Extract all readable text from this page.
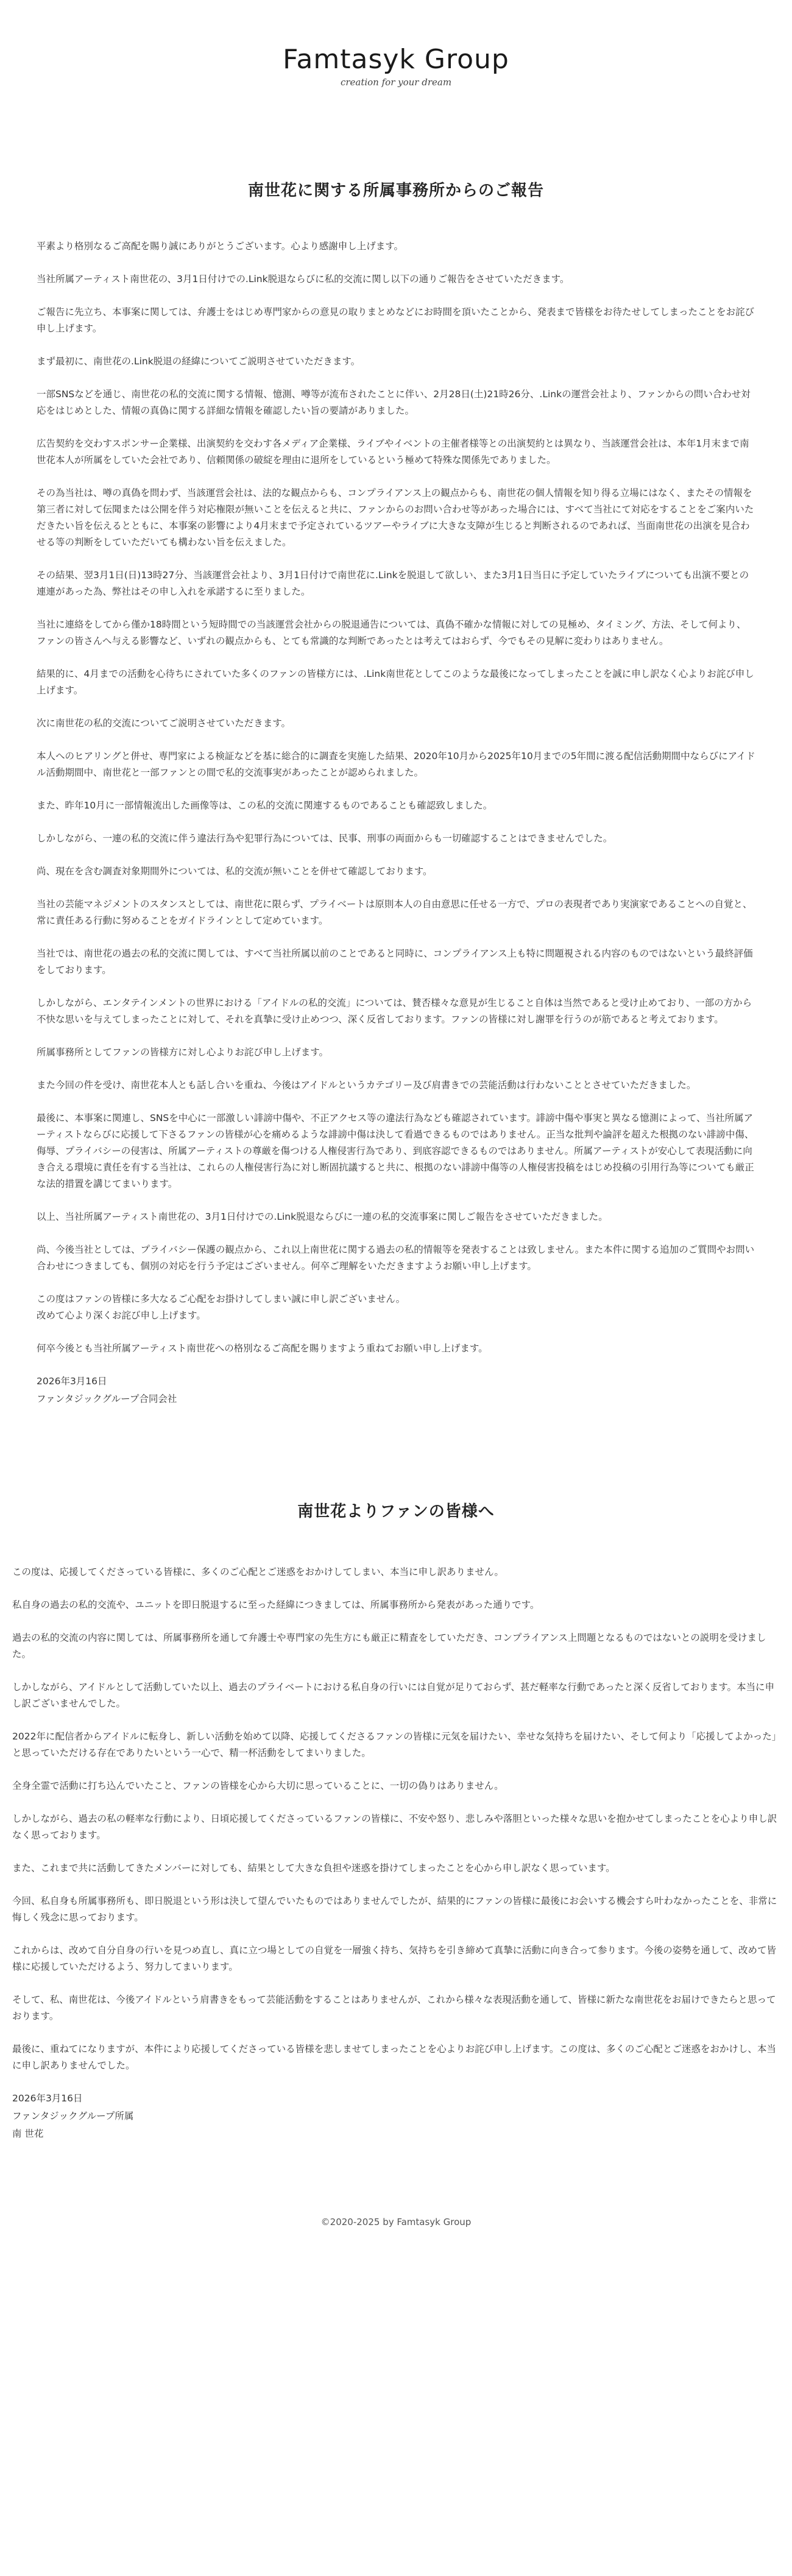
Famtasyk Group
creation for your dream
南世花に関する所属事務所からのご報告

平素より格別なるご高配を賜り誠にありがとうございます。心より感謝申し上げます。

当社所属アーティスト南世花の、3月1日付けでの.Link脱退ならびに私的交流に関し以下の通りご報告をさせていただきます。

ご報告に先立ち、本事案に関しては、弁護士をはじめ専門家からの意見の取りまとめなどにお時間を頂いたことから、発表まで皆様をお待たせしてしまったことをお詫び申し上げます。

まず最初に、南世花の.Link脱退の経緯についてご説明させていただきます。

一部SNSなどを通じ、南世花の私的交流に関する情報、憶測、噂等が流布されたことに伴い、2月28日(土)21時26分、.Linkの運営会社より、ファンからの問い合わせ対応をはじめとした、情報の真偽に関する詳細な情報を確認したい旨の要請がありました。

広告契約を交わすスポンサー企業様、出演契約を交わす各メディア企業様、ライブやイベントの主催者様等との出演契約とは異なり、当該運営会社は、本年1月末まで南世花本人が所属をしていた会社であり、信頼関係の破綻を理由に退所をしているという極めて特殊な関係先でありました。

その為当社は、噂の真偽を問わず、当該運営会社は、法的な観点からも、コンプライアンス上の観点からも、南世花の個人情報を知り得る立場にはなく、またその情報を第三者に対して伝聞または公開を伴う対応権限が無いことを伝えると共に、ファンからのお問い合わせ等があった場合には、すべて当社にて対応をすることをご案内いただきたい旨を伝えるとともに、本事案の影響により4月末まで予定されているツアーやライブに大きな支障が生じると判断されるのであれば、当面南世花の出演を見合わせる等の判断をしていただいても構わない旨を伝えました。

その結果、翌3月1日(日)13時27分、当該運営会社より、3月1日付けで南世花に.Linkを脱退して欲しい、また3月1日当日に予定していたライブについても出演不要との連連があった為、弊社はその申し入れを承諾するに至りました。

当社に連絡をしてから僅か18時間という短時間での当該運営会社からの脱退通告については、真偽不確かな情報に対しての見極め、タイミング、方法、そして何より、ファンの皆さんへ与える影響など、いずれの観点からも、とても常識的な判断であったとは考えてはおらず、今でもその見解に変わりはありません。

結果的に、4月までの活動を心待ちにされていた多くのファンの皆様方には、.Link南世花としてこのような最後になってしまったことを誠に申し訳なく心よりお詫び申し上げます。

次に南世花の私的交流についてご説明させていただきます。

本人へのヒアリングと併せ、専門家による検証などを基に総合的に調査を実施した結果、2020年10月から2025年10月までの5年間に渡る配信活動期間中ならびにアイドル活動期間中、南世花と一部ファンとの間で私的交流事実があったことが認められました。

また、昨年10月に一部情報流出した画像等は、この私的交流に関連するものであることも確認致しました。

しかしながら、一連の私的交流に伴う違法行為や犯罪行為については、民事、刑事の両面からも一切確認することはできませんでした。

尚、現在を含む調査対象期間外については、私的交流が無いことを併せて確認しております。

当社の芸能マネジメントのスタンスとしては、南世花に限らず、プライベートは原則本人の自由意思に任せる一方で、プロの表現者であり実演家であることへの自覚と、常に責任ある行動に努めることをガイドラインとして定めています。

当社では、南世花の過去の私的交流に関しては、すべて当社所属以前のことであると同時に、コンプライアンス上も特に問題視される内容のものではないという最終評価をしております。

しかしながら、エンタテインメントの世界における「アイドルの私的交流」については、賛否様々な意見が生じること自体は当然であると受け止めており、一部の方から不快な思いを与えてしまったことに対して、それを真摯に受け止めつつ、深く反省しております。ファンの皆様に対し謝罪を行うのが筋であると考えております。

所属事務所としてファンの皆様方に対し心よりお詫び申し上げます。

また今回の件を受け、南世花本人とも話し合いを重ね、今後はアイドルというカテゴリー及び肩書きでの芸能活動は行わないこととさせていただきました。

最後に、本事案に関連し、SNSを中心に一部激しい誹謗中傷や、不正アクセス等の違法行為なども確認されています。誹謗中傷や事実と異なる憶測によって、当社所属アーティストならびに応援して下さるファンの皆様が心を痛めるような誹謗中傷は決して看過できるものではありません。正当な批判や論評を超えた根拠のない誹謗中傷、侮辱、プライバシーの侵害は、所属アーティストの尊厳を傷つける人権侵害行為であり、到底容認できるものではありません。所属アーティストが安心して表現活動に向き合える環境に責任を有する当社は、これらの人権侵害行為に対し断固抗議すると共に、根拠のない誹謗中傷等の人権侵害投稿をはじめ投稿の引用行為等についても厳正な法的措置を講じてまいります。

以上、当社所属アーティスト南世花の、3月1日付けでの.Link脱退ならびに一連の私的交流事案に関しご報告をさせていただきました。

尚、今後当社としては、プライバシー保護の観点から、これ以上南世花に関する過去の私的情報等を発表することは致しません。また本件に関する追加のご質問やお問い合わせにつきましても、個別の対応を行う予定はございません。何卒ご理解をいただきますようお願い申し上げます。

この度はファンの皆様に多大なるご心配をお掛けしてしまい誠に申し訳ございません。
改めて心より深くお詫び申し上げます。

何卒今後とも当社所属アーティスト南世花への格別なるご高配を賜りますよう重ねてお願い申し上げます。

2026年3月16日
ファンタジックグループ合同会社
南世花よりファンの皆様へ

この度は、応援してくださっている皆様に、多くのご心配とご迷惑をおかけしてしまい、本当に申し訳ありません。

私自身の過去の私的交流や、ユニットを即日脱退するに至った経緯につきましては、所属事務所から発表があった通りです。

過去の私的交流の内容に関しては、所属事務所を通して弁護士や専門家の先生方にも厳正に精査をしていただき、コンプライアンス上問題となるものではないとの説明を受けました。

しかしながら、アイドルとして活動していた以上、過去のプライベートにおける私自身の行いには自覚が足りておらず、甚だ軽率な行動であったと深く反省しております。本当に申し訳ございませんでした。

2022年に配信者からアイドルに転身し、新しい活動を始めて以降、応援してくださるファンの皆様に元気を届けたい、幸せな気持ちを届けたい、そして何より「応援してよかった」と思っていただける存在でありたいという一心で、精一杯活動をしてまいりました。

全身全霊で活動に打ち込んでいたこと、ファンの皆様を心から大切に思っていることに、一切の偽りはありません。

しかしながら、過去の私の軽率な行動により、日頃応援してくださっているファンの皆様に、不安や怒り、悲しみや落胆といった様々な思いを抱かせてしまったことを心より申し訳なく思っております。

また、これまで共に活動してきたメンバーに対しても、結果として大きな負担や迷惑を掛けてしまったことを心から申し訳なく思っています。

今回、私自身も所属事務所も、即日脱退という形は決して望んでいたものではありませんでしたが、結果的にファンの皆様に最後にお会いする機会すら叶わなかったことを、非常に悔しく残念に思っております。

これからは、改めて自分自身の行いを見つめ直し、真に立つ場としての自覚を一層強く持ち、気持ちを引き締めて真摯に活動に向き合って参ります。今後の姿勢を通して、改めて皆様に応援していただけるよう、努力してまいります。

そして、私、南世花は、今後アイドルという肩書きをもって芸能活動をすることはありませんが、これから様々な表現活動を通して、皆様に新たな南世花をお届けできたらと思っております。

最後に、重ねてになりますが、本件により応援してくださっている皆様を悲しませてしまったことを心よりお詫び申し上げます。この度は、多くのご心配とご迷惑をおかけし、本当に申し訳ありませんでした。

2026年3月16日
ファンタジックグループ所属
南 世花
©2020-2025 by Famtasyk Group
